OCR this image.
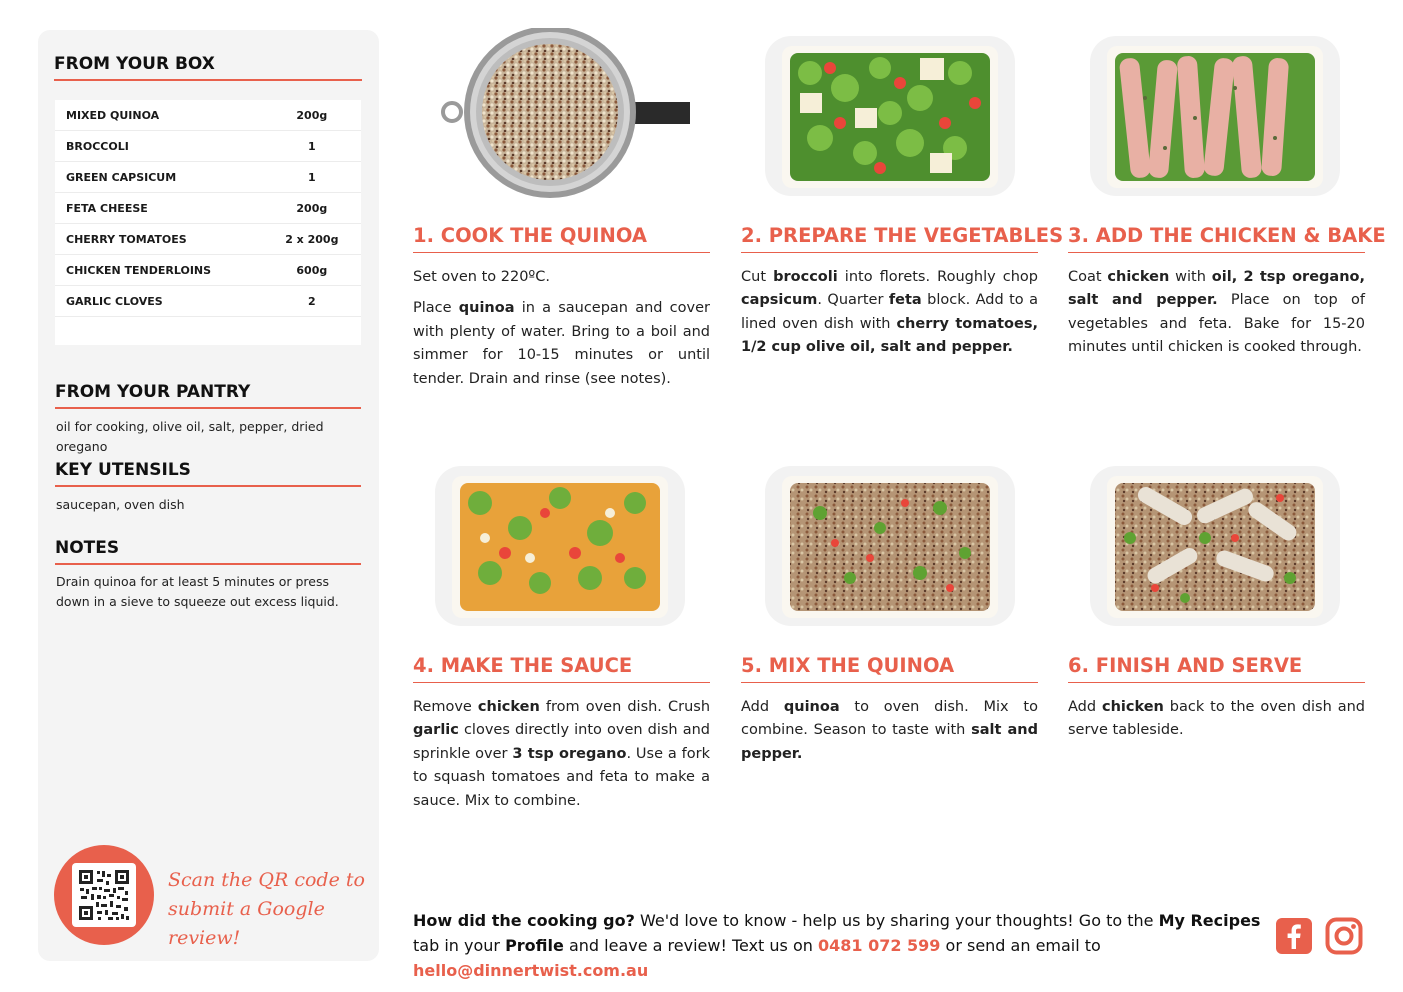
FROM YOUR BOX
MIXED QUINOA	200g
BROCCOLI	1
GREEN CAPSICUM	1
FETA CHEESE	200g
CHERRY TOMATOES	2 x 200g
CHICKEN TENDERLOINS	600g
GARLIC CLOVES	2
FROM YOUR PANTRY
oil for cooking, olive oil, salt, pepper, dried oregano
KEY UTENSILS
saucepan, oven dish
NOTES
Drain quinoa for at least 5 minutes or press down in a sieve to squeeze out excess liquid.
Scan the QR code to
submit a Google review!
1. COOK THE QUINOA

Set oven to 220ºC.

Place quinoa in a saucepan and cover with plenty of water. Bring to a boil and simmer for 10-15 minutes or until tender. Drain and rinse (see notes).

2. PREPARE THE VEGETABLES

Cut broccoli into florets. Roughly chop capsicum. Quarter feta block. Add to a lined oven dish with cherry tomatoes, 1/2 cup olive oil, salt and pepper.

3. ADD THE CHICKEN & BAKE

Coat chicken with oil, 2 tsp oregano, salt and pepper. Place on top of vegetables and feta. Bake for 15-20 minutes until chicken is cooked through.

4. MAKE THE SAUCE

Remove chicken from oven dish. Crush garlic cloves directly into oven dish and sprinkle over 3 tsp oregano. Use a fork to squash tomatoes and feta to make a sauce. Mix to combine.

5. MIX THE QUINOA

Add quinoa to oven dish. Mix to combine. Season to taste with salt and pepper.

6. FINISH AND SERVE

Add chicken back to the oven dish and serve tableside.

How did the cooking go? We'd love to know - help us by sharing your thoughts! Go to the My Recipes tab in your Profile and leave a review! Text us on 0481 072 599 or send an email to hello@dinnertwist.com.au
